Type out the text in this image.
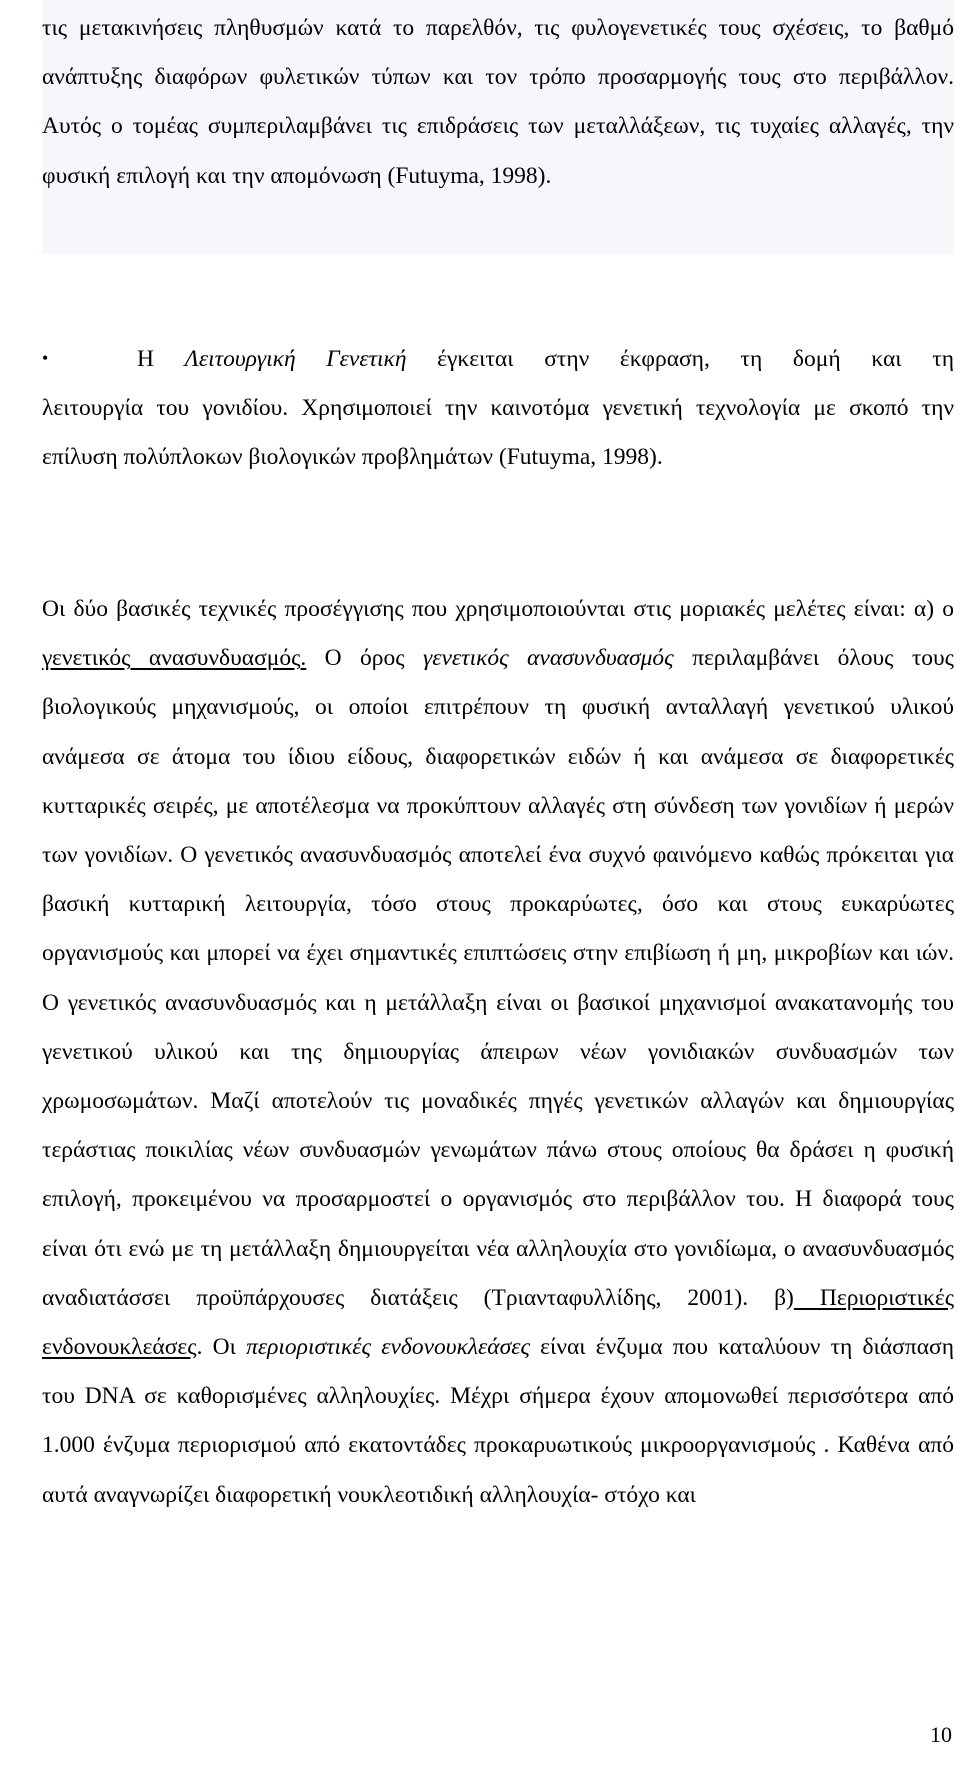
τις μετακινήσεις πληθυσμών κατά το παρελθόν, τις φυλογενετικές τους σχέσεις, το βαθμό ανάπτυξης διαφόρων φυλετικών τύπων και τον τρόπο προσαρμογής τους στο περιβάλλον. Αυτός ο τομέας συμπεριλαμβάνει τις επιδράσεις των μεταλλάξεων, τις τυχαίες αλλαγές, την φυσική επιλογή και την απομόνωση (Futuyma, 1998).

•	Η Λειτουργική Γενετική έγκειται στην έκφραση, τη δομή και τη
λειτουργία του γονιδίου. Χρησιμοποιεί την καινοτόμα γενετική τεχνολογία με σκοπό την επίλυση πολύπλοκων βιολογικών προβλημάτων (Futuyma, 1998).

Οι δύο βασικές τεχνικές προσέγγισης που χρησιμοποιούνται στις μοριακές μελέτες είναι: α) ο γενετικός ανασυνδυασμός. Ο όρος γενετικός ανασυνδυασμός περιλαμβάνει όλους τους βιολογικούς μηχανισμούς, οι οποίοι επιτρέπουν τη φυσική ανταλλαγή γενετικού υλικού ανάμεσα σε άτομα του ίδιου είδους, διαφορετικών ειδών ή και ανάμεσα σε διαφορετικές κυτταρικές σειρές, με αποτέλεσμα να προκύπτουν αλλαγές στη σύνδεση των γονιδίων ή μερών των γονιδίων. Ο γενετικός ανασυνδυασμός αποτελεί ένα συχνό φαινόμενο καθώς πρόκειται για βασική κυτταρική λειτουργία, τόσο στους προκαρύωτες, όσο και στους ευκαρύωτες οργανισμούς και μπορεί να έχει σημαντικές επιπτώσεις στην επιβίωση ή μη, μικροβίων και ιών. Ο γενετικός ανασυνδυασμός και η μετάλλαξη είναι οι βασικοί μηχανισμοί ανακατανομής του γενετικού υλικού και της δημιουργίας άπειρων νέων γονιδιακών συνδυασμών των χρωμοσωμάτων. Μαζί αποτελούν τις μοναδικές πηγές γενετικών αλλαγών και δημιουργίας τεράστιας ποικιλίας νέων συνδυασμών γενωμάτων πάνω στους οποίους θα δράσει η φυσική επιλογή, προκειμένου να προσαρμοστεί ο οργανισμός στο περιβάλλον του. Η διαφορά τους είναι ότι ενώ με τη μετάλλαξη δημιουργείται νέα αλληλουχία στο γονιδίωμα, ο ανασυνδυασμός αναδιατάσσει προϋπάρχουσες διατάξεις (Τριανταφυλλίδης, 2001). β) Περιοριστικές ενδονουκλεάσες. Οι περιοριστικές ενδονουκλεάσες είναι ένζυμα που καταλύουν τη διάσπαση του DNA σε καθορισμένες αλληλουχίες. Μέχρι σήμερα έχουν απομονωθεί περισσότερα από 1.000 ένζυμα περιορισμού από εκατοντάδες προκαρυωτικούς μικροοργανισμούς . Καθένα από αυτά αναγνωρίζει διαφορετική νουκλεοτιδική αλληλουχία- στόχο και

10
